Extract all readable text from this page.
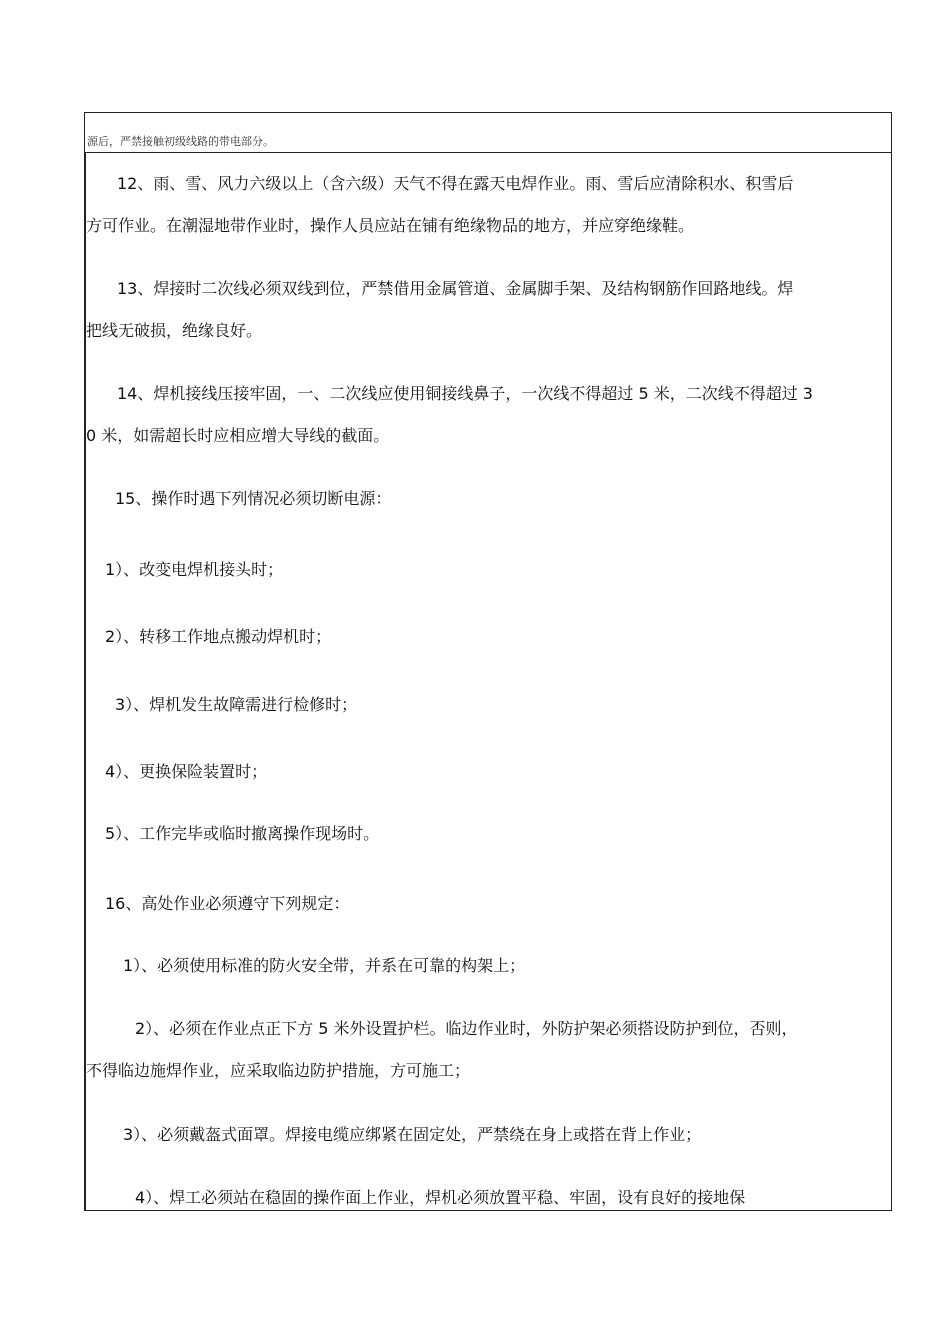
源后，严禁接触初级线路的带电部分。
12、雨、雪、风力六级以上（含六级）天气不得在露天电焊作业。雨、雪后应清除积水、积雪后
方可作业。在潮湿地带作业时，操作人员应站在铺有绝缘物品的地方，并应穿绝缘鞋。
13、焊接时二次线必须双线到位，严禁借用金属管道、金属脚手架、及结构钢筋作回路地线。焊
把线无破损，绝缘良好。
14、焊机接线压接牢固，一、二次线应使用铜接线鼻子，一次线不得超过 5 米，二次线不得超过 3
0 米，如需超长时应相应增大导线的截面。
15、操作时遇下列情况必须切断电源：
1）、改变电焊机接头时；
2）、转移工作地点搬动焊机时；
3）、焊机发生故障需进行检修时；
4）、更换保险装置时；
5）、工作完毕或临时撤离操作现场时。
16、高处作业必须遵守下列规定：
1）、必须使用标准的防火安全带，并系在可靠的构架上；
2）、必须在作业点正下方 5 米外设置护栏。临边作业时，外防护架必须搭设防护到位，否则，
不得临边施焊作业，应采取临边防护措施，方可施工；
3）、必须戴盔式面罩。焊接电缆应绑紧在固定处，严禁绕在身上或搭在背上作业；
4）、焊工必须站在稳固的操作面上作业，焊机必须放置平稳、牢固，设有良好的接地保
